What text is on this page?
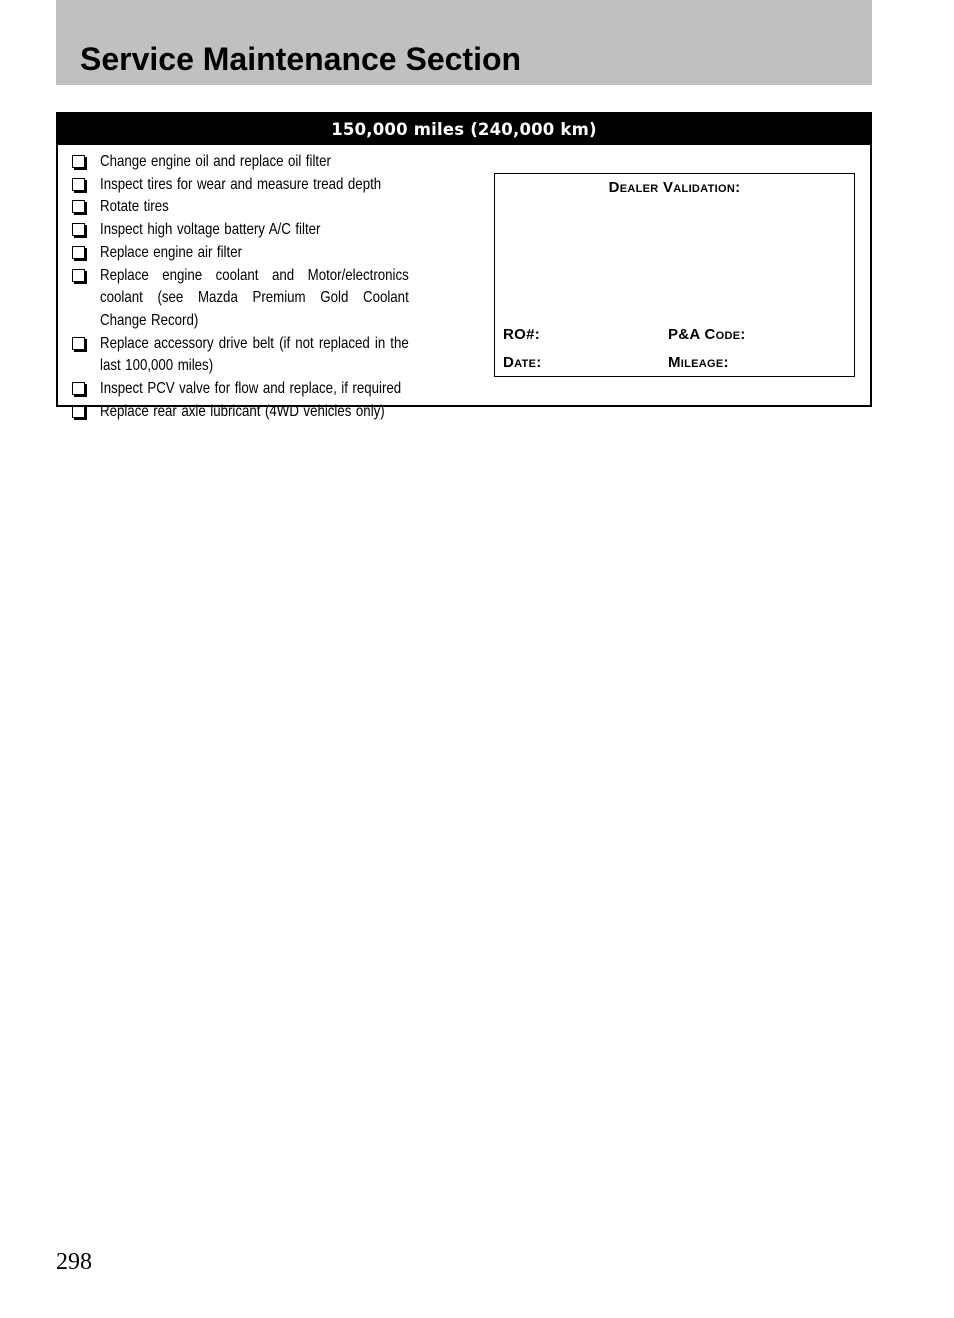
Service Maintenance Section
150,000 miles (240,000 km)
Change engine oil and replace oil filter
Inspect tires for wear and measure tread depth
Rotate tires
Inspect high voltage battery A/C filter
Replace engine air filter
Replace engine coolant and Motor/electronics coolant (see Mazda Premium Gold Coolant Change Record)
Replace accessory drive belt (if not replaced in the last 100,000 miles)
Inspect PCV valve for flow and replace, if required
Replace rear axle lubricant (4WD vehicles only)
Dealer Validation:
RO#:	P&A Code:
Date:	Mileage:
298
